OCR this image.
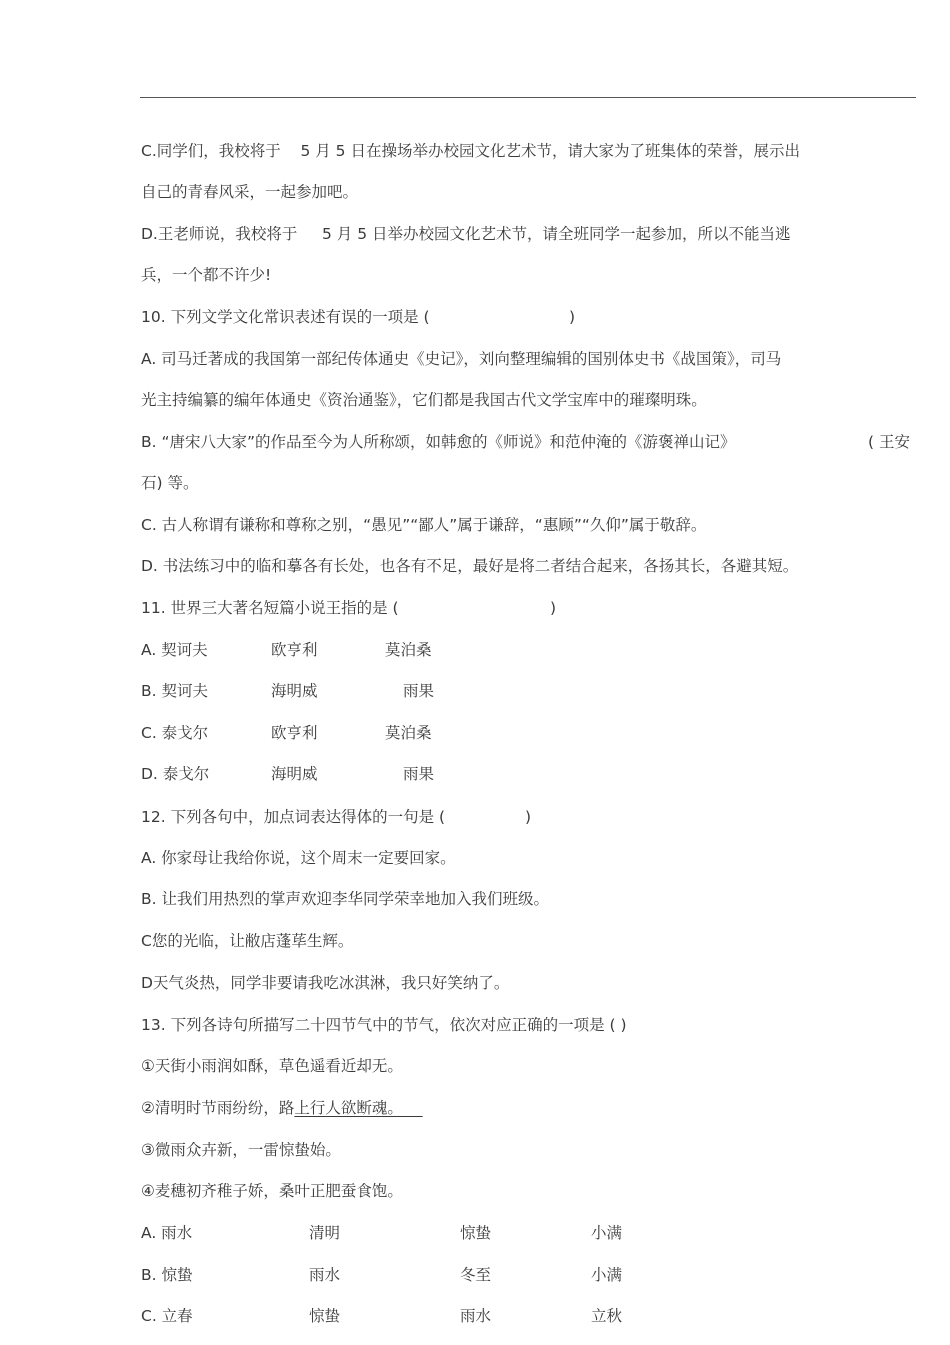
C.同学们，我校将于    5 月 5 日在操场举办校园文化艺术节，请大家为了班集体的荣誉，展示出
自己的青春风采，一起参加吧。
D.王老师说，我校将于     5 月 5 日举办校园文化艺术节，请全班同学一起参加，所以不能当逃
兵，一个都不许少!
10. 下列文学文化常识表述有误的一项是 (	)
A. 司马迁著成的我国第一部纪传体通史《史记》，刘向整理编辑的国别体史书《战国策》，司马
光主持编纂的编年体通史《资治通鉴》，它们都是我国古代文学宝库中的璀璨明珠。
B. “唐宋八大家”的作品至今为人所称颂，如韩愈的《师说》和范仲淹的《游褒禅山记》	( 王安
石) 等。
C. 古人称谓有谦称和尊称之别，“愚见”“鄙人”属于谦辞，“惠顾”“久仰”属于敬辞。
D. 书法练习中的临和摹各有长处，也各有不足，最好是将二者结合起来，各扬其长，各避其短。
11. 世界三大著名短篇小说王指的是 (	)
A. 契诃夫	欧亨利	莫泊桑
B. 契诃夫	海明威	雨果
C. 泰戈尔	欧亨利	莫泊桑
D. 泰戈尔	海明威	雨果
12. 下列各句中，加点词表达得体的一句是 (	)
A. 你家母让我给你说，这个周末一定要回家。
B. 让我们用热烈的掌声欢迎李华同学荣幸地加入我们班级。
C您的光临，让敝店蓬荜生辉。
D天气炎热，同学非要请我吃冰淇淋，我只好笑纳了。
13. 下列各诗句所描写二十四节气中的节气，依次对应正确的一项是 ( )
①天街小雨润如酥，草色遥看近却无。
②清明时节雨纷纷，路上行人欲断魂。
③微雨众卉新，一雷惊蛰始。
④麦穗初齐稚子娇，桑叶正肥蚕食饱。
A. 雨水	清明	惊蛰	小满
B. 惊蛰	雨水	冬至	小满
C. 立春	惊蛰	雨水	立秋
